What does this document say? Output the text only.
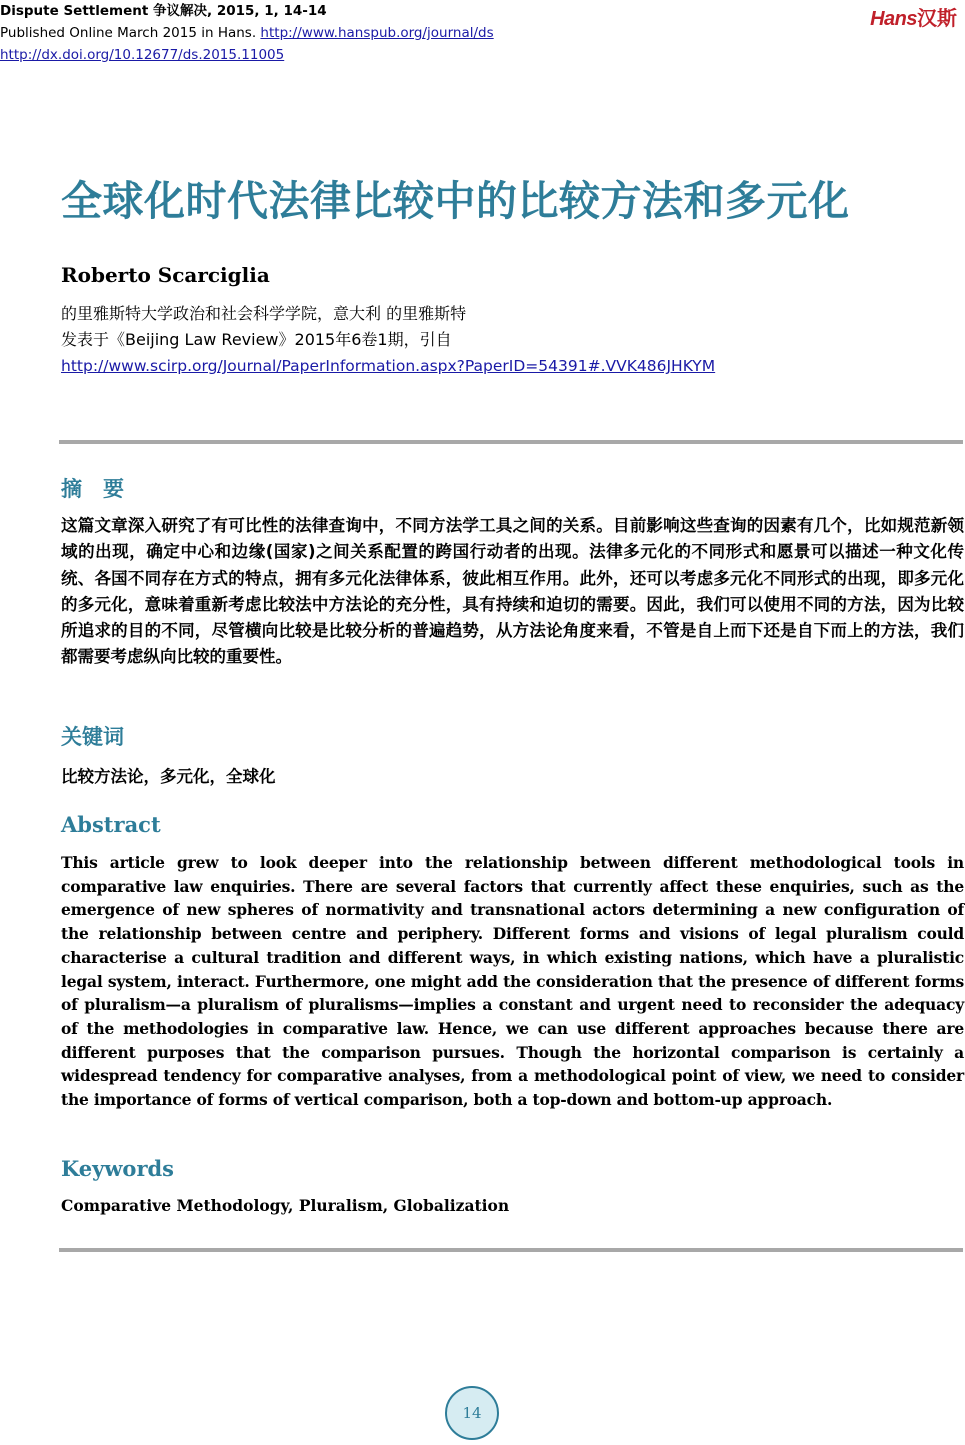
Dispute Settlement 争议解决, 2015, 1, 14-14
Published Online March 2015 in Hans. http://www.hanspub.org/journal/ds
http://dx.doi.org/10.12677/ds.2015.11005
Hans汉斯
全球化时代法律比较中的比较方法和多元化
Roberto Scarciglia
的里雅斯特大学政治和社会科学学院，意大利 的里雅斯特
发表于《Beijing Law Review》2015年6卷1期，引自
http://www.scirp.org/Journal/PaperInformation.aspx?PaperID=54391#.VVK486JHKYM
摘　要
这篇文章深入研究了有可比性的法律查询中，不同方法学工具之间的关系。目前影响这些查询的因素有几个，比如规范新领域的出现，确定中心和边缘(国家)之间关系配置的跨国行动者的出现。法律多元化的不同形式和愿景可以描述一种文化传统、各国不同存在方式的特点，拥有多元化法律体系，彼此相互作用。此外，还可以考虑多元化不同形式的出现，即多元化的多元化，意味着重新考虑比较法中方法论的充分性，具有持续和迫切的需要。因此，我们可以使用不同的方法，因为比较所追求的目的不同，尽管横向比较是比较分析的普遍趋势，从方法论角度来看，不管是自上而下还是自下而上的方法，我们都需要考虑纵向比较的重要性。
关键词
比较方法论，多元化，全球化
Abstract
This article grew to look deeper into the relationship between different methodological tools in comparative law enquiries. There are several factors that currently affect these enquiries, such as the emergence of new spheres of normativity and transnational actors determining a new configuration of the relationship between centre and periphery. Different forms and visions of legal pluralism could characterise a cultural tradition and different ways, in which existing nations, which have a pluralistic legal system, interact. Furthermore, one might add the consideration that the presence of different forms of pluralism—a pluralism of pluralisms—implies a constant and urgent need to reconsider the adequacy of the methodologies in comparative law. Hence, we can use different approaches because there are different purposes that the comparison pursues. Though the horizontal comparison is certainly a widespread tendency for comparative analyses, from a methodological point of view, we need to consider the importance of forms of vertical comparison, both a top-down and bottom-up approach.
Keywords
Comparative Methodology, Pluralism, Globalization
14
